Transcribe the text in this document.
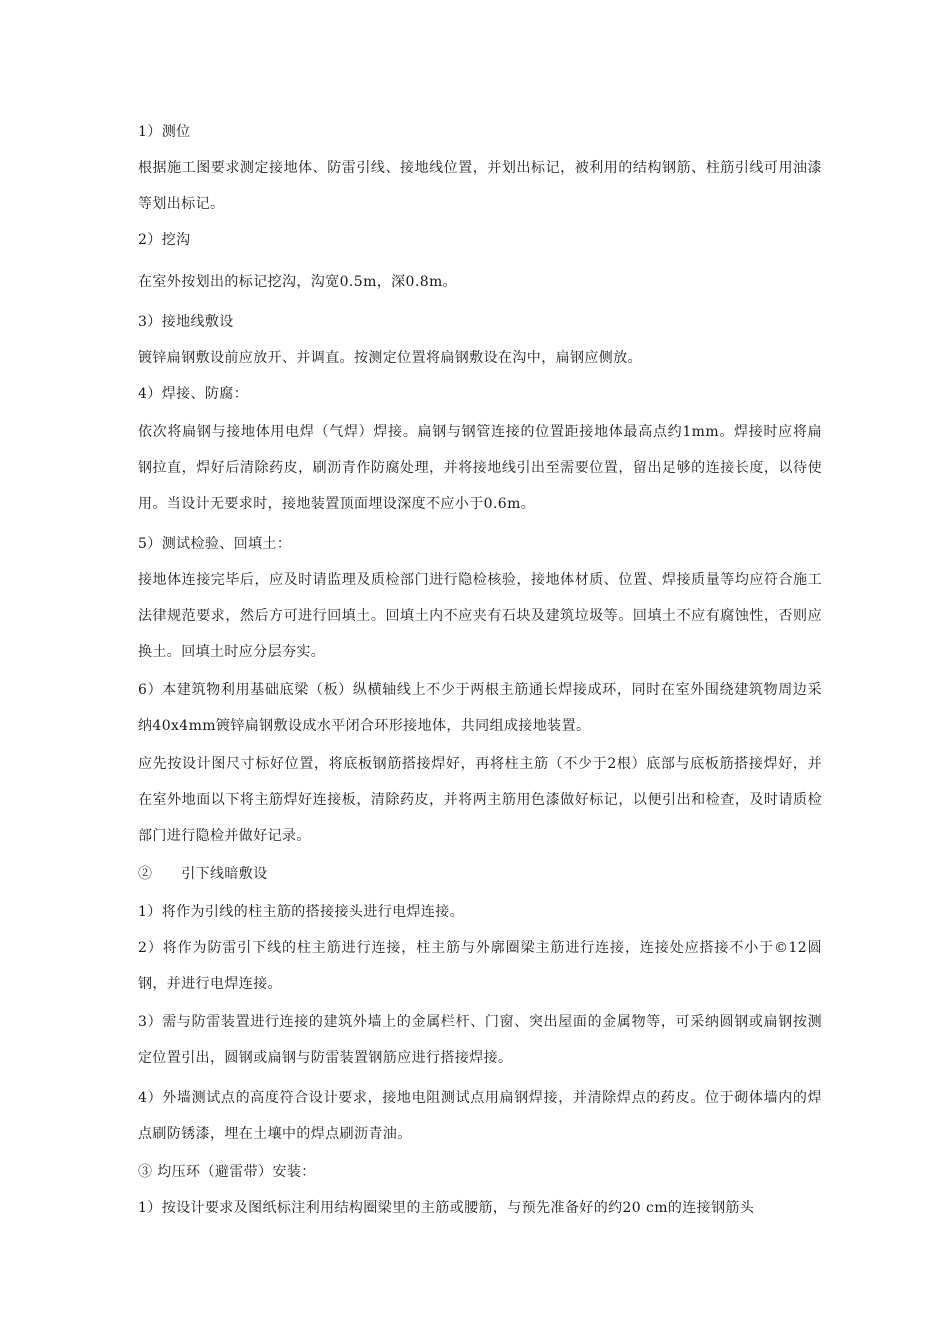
1）测位

根据施工图要求测定接地体、防雷引线、接地线位置，并划出标记，被利用的结构钢筋、柱筋引线可用油漆等划出标记。

2）挖沟

在室外按划出的标记挖沟，沟宽0.5m，深0.8m。

3）接地线敷设

镀锌扁钢敷设前应放开、并调直。按测定位置将扁钢敷设在沟中，扁钢应侧放。

4）焊接、防腐：

依次将扁钢与接地体用电焊（气焊）焊接。扁钢与钢管连接的位置距接地体最高点约1mm。焊接时应将扁钢拉直，焊好后清除药皮，刷沥青作防腐处理，并将接地线引出至需要位置，留出足够的连接长度，以待使用。当设计无要求时，接地装置顶面埋设深度不应小于0.6m。

5）测试检验、回填土：

接地体连接完毕后，应及时请监理及质检部门进行隐检核验，接地体材质、位置、焊接质量等均应符合施工法律规范要求，然后方可进行回填土。回填土内不应夹有石块及建筑垃圾等。回填土不应有腐蚀性，否则应换土。回填土时应分层夯实。

6）本建筑物利用基础底梁（板）纵横轴线上不少于两根主筋通长焊接成环，同时在室外围绕建筑物周边采纳40x4mm镀锌扁钢敷设成水平闭合环形接地体，共同组成接地装置。

应先按设计图尺寸标好位置，将底板钢筋搭接焊好，再将柱主筋（不少于2根）底部与底板筋搭接焊好，并在室外地面以下将主筋焊好连接板，清除药皮，并将两主筋用色漆做好标记，以便引出和检查，及时请质检部门进行隐检并做好记录。

②　　引下线暗敷设

1）将作为引线的柱主筋的搭接接头进行电焊连接。

2）将作为防雷引下线的柱主筋进行连接，柱主筋与外廓圈梁主筋进行连接，连接处应搭接不小于©12圆钢，并进行电焊连接。

3）需与防雷装置进行连接的建筑外墙上的金属栏杆、门窗、突出屋面的金属物等，可采纳圆钢或扁钢按测定位置引出，圆钢或扁钢与防雷装置钢筋应进行搭接焊接。

4）外墙测试点的高度符合设计要求，接地电阻测试点用扁钢焊接，并清除焊点的药皮。位于砌体墙内的焊点刷防锈漆，埋在土壤中的焊点刷沥青油。

③ 均压环（避雷带）安装：

1）按设计要求及图纸标注利用结构圈梁里的主筋或腰筋，与预先准备好的约20 cm的连接钢筋头
